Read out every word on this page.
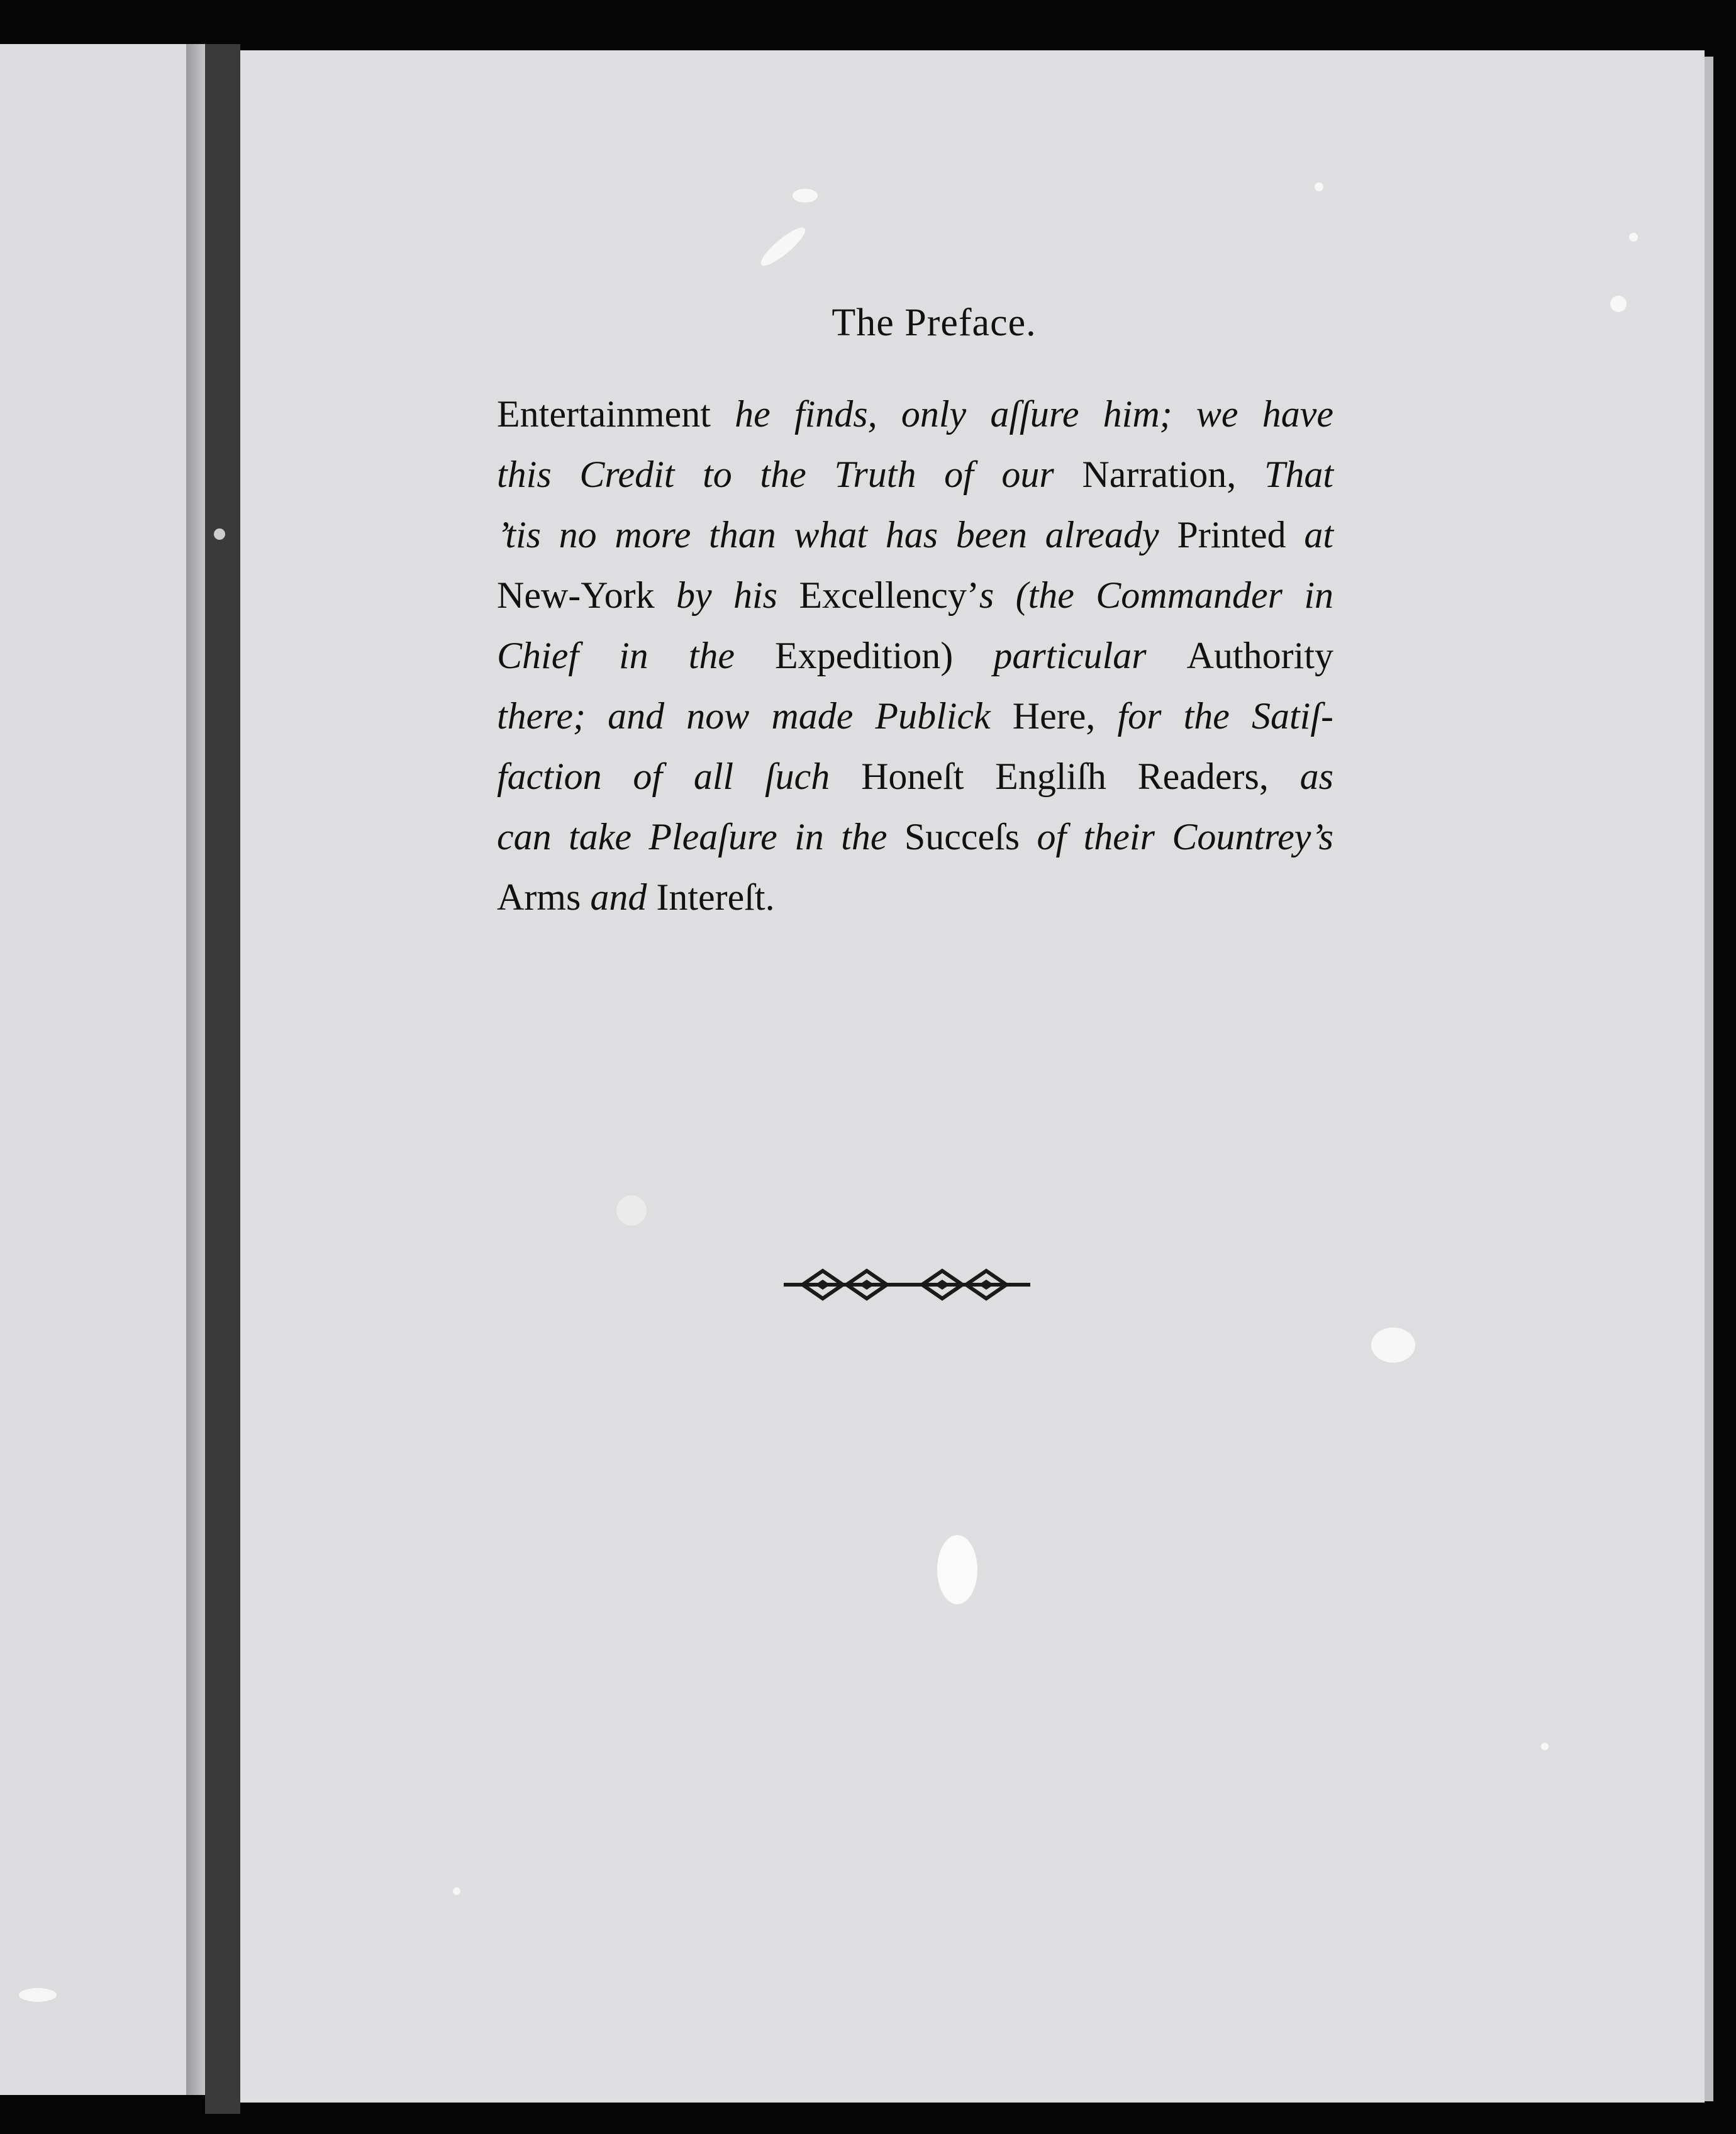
The Preface.
Entertainment he finds, only aſſure him; we have
this Credit to the Truth of our Narration, That
’tis no more than what has been already Printed at
New-York by his Excellency’s (the Commander in
Chief in the Expedition) particular Authority
there; and now made Publick Here, for the Satiſ-
faction of all ſuch Honeſt Engliſh Readers, as
can take Pleaſure in the Succeſs of their Countrey’s
Arms and Intereſt.
